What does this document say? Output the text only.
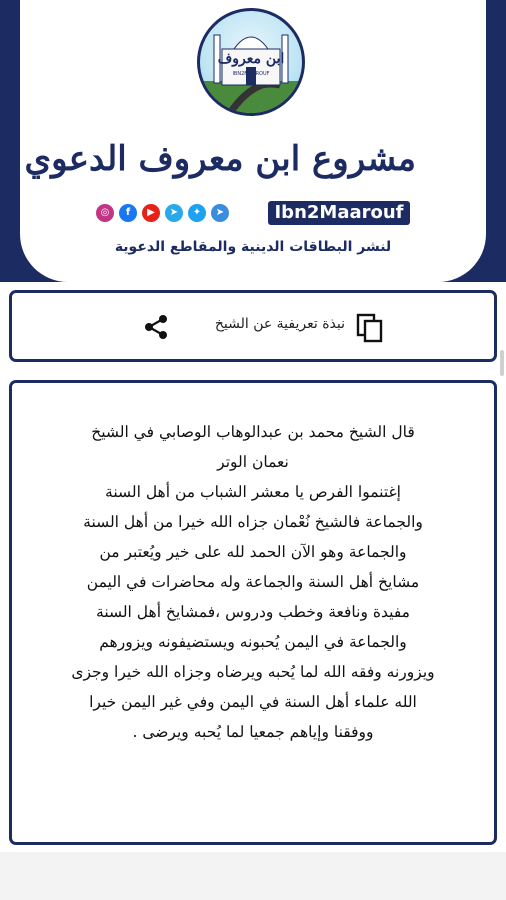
ابن معروف
IBN2MAAROUF
مشروع ابن معروف الدعوي
◎	f	▶	➤	✦	➤	Ibn2Maarouf
لنشر البطاقات الدينية والمقاطع الدعوية
نبذة تعريفية عن الشيخ
قال الشيخ محمد بن عبدالوهاب الوصابي في الشيخ
نعمان الوتر
إغتنموا الفرص يا معشر الشباب من أهل السنة
والجماعة فالشيخ نُعْمان جزاه الله خيرا من أهل السنة
والجماعة وهو الآن الحمد لله على خير ويُعتبر من
مشايخ أهل السنة والجماعة وله محاضرات في اليمن
مفيدة ونافعة وخطب ودروس ،فمشايخ أهل السنة
والجماعة في اليمن يُحبونه ويستضيفونه ويزورهم
ويزورنه وفقه الله لما يُحبه ويرضاه وجزاه الله خيرا وجزى
الله علماء أهل السنة في اليمن وفي غير اليمن خيرا
ووفقنا وإياهم جمعيا لما يُحبه ويرضى .
